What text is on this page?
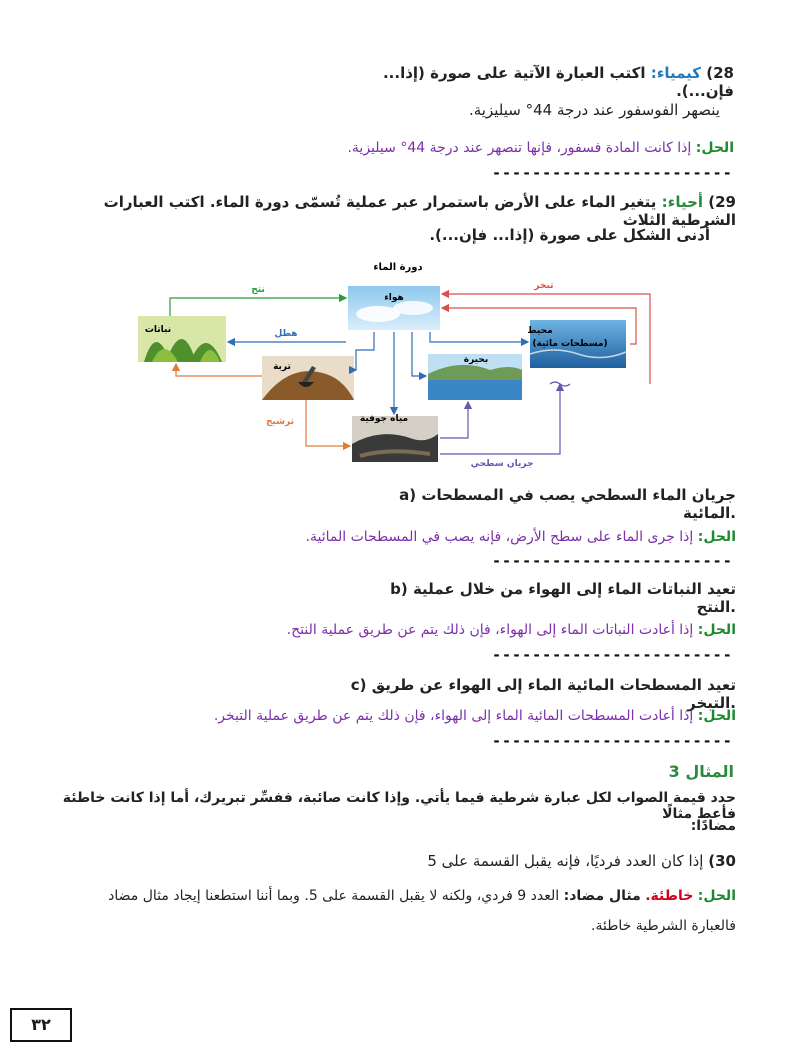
28) كيمياء: اكتب العبارة الآتية على صورة (إذا... فإن...).
ينصهر الفوسفور عند درجة 44° سيليزية.
الحل: إذا كانت المادة فسفور، فإنها تنصهر عند درجة 44° سيليزية.
------------------------
29) أحياء: يتغير الماء على الأرض باستمرار عبر عملية تُسمّى دورة الماء. اكتب العبارات الشرطية الثلاث
أدنى الشكل على صورة (إذا... فإن...).
دورة الماء
هواء
نباتات
تربة
مياه جوفية
بحيرة
محيط
(مسطحات مائية)
نتح	تبخر
هطل
ترشيح
جريان سطحي
a) جريان الماء السطحي يصب في المسطحات المائية.
الحل: إذا جرى الماء على سطح الأرض، فإنه يصب في المسطحات المائية.
------------------------
b) تعيد النباتات الماء إلى الهواء من خلال عملية النتح.
الحل: إذا أعادت النباتات الماء إلى الهواء، فإن ذلك يتم عن طريق عملية النتح.
------------------------
c) تعيد المسطحات المائية الماء إلى الهواء عن طريق التبخر.
الحل: إذا أعادت المسطحات المائية الماء إلى الهواء، فإن ذلك يتم عن طريق عملية التبخر.
------------------------
المثال 3
حدد قيمة الصواب لكل عبارة شرطية فيما يأتي. وإذا كانت صائبة، ففسِّر تبريرك، أما إذا كانت خاطئة فأعط مثالًا
مضادًا:
30) إذا كان العدد فرديًا، فإنه يقبل القسمة على 5
الحل: خاطئة. مثال مضاد: العدد 9 فردي، ولكنه لا يقبل القسمة على 5. وبما أننا استطعنا إيجاد مثال مضاد
فالعبارة الشرطية خاطئة.
٣٢
